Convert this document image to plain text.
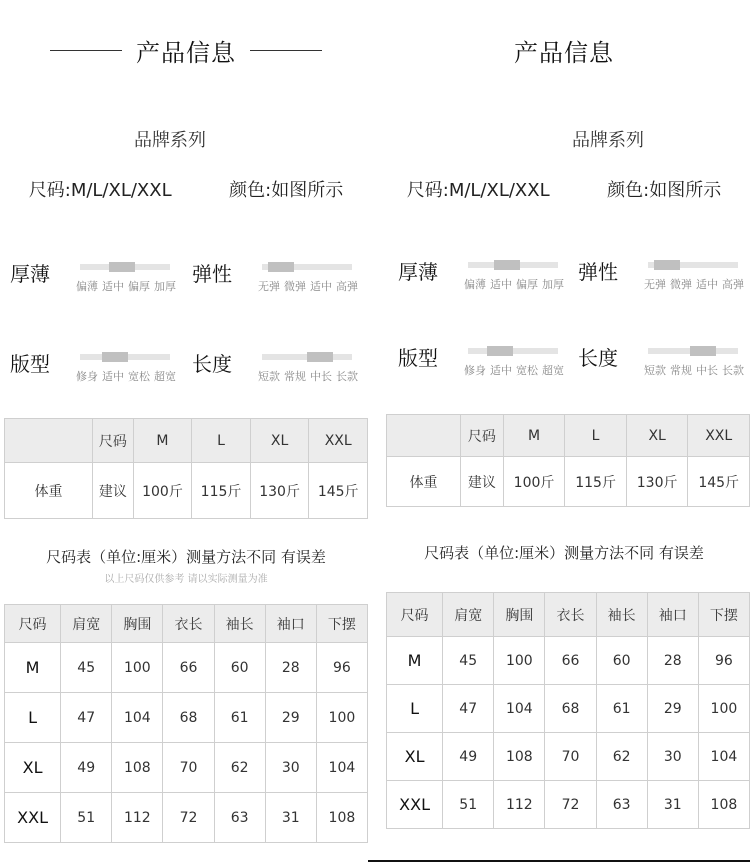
产品信息
品牌系列
尺码:M/L/XL/XXL	颜色:如图所示
厚薄
偏薄 适中 偏厚 加厚
弹性
无弹 微弹 适中 高弹
版型
修身 适中 宽松 超宽
长度
短款 常规 中长 长款
	尺码	M	L	XL	XXL
体重	建议	100斤	115斤	130斤	145斤
尺码表（单位:厘米）测量方法不同 有误差
以上尺码仅供参考 请以实际测量为准
尺码	肩宽	胸围	衣长	袖长	袖口	下摆
M	45	100	66	60	28	96
L	47	104	68	61	29	100
XL	49	108	70	62	30	104
XXL	51	112	72	63	31	108
产品信息
品牌系列
尺码:M/L/XL/XXL	颜色:如图所示
厚薄
偏薄 适中 偏厚 加厚
弹性
无弹 微弹 适中 高弹
版型
修身 适中 宽松 超宽
长度
短款 常规 中长 长款
	尺码	M	L	XL	XXL
体重	建议	100斤	115斤	130斤	145斤
尺码表（单位:厘米）测量方法不同 有误差
尺码	肩宽	胸围	衣长	袖长	袖口	下摆
M	45	100	66	60	28	96
L	47	104	68	61	29	100
XL	49	108	70	62	30	104
XXL	51	112	72	63	31	108
